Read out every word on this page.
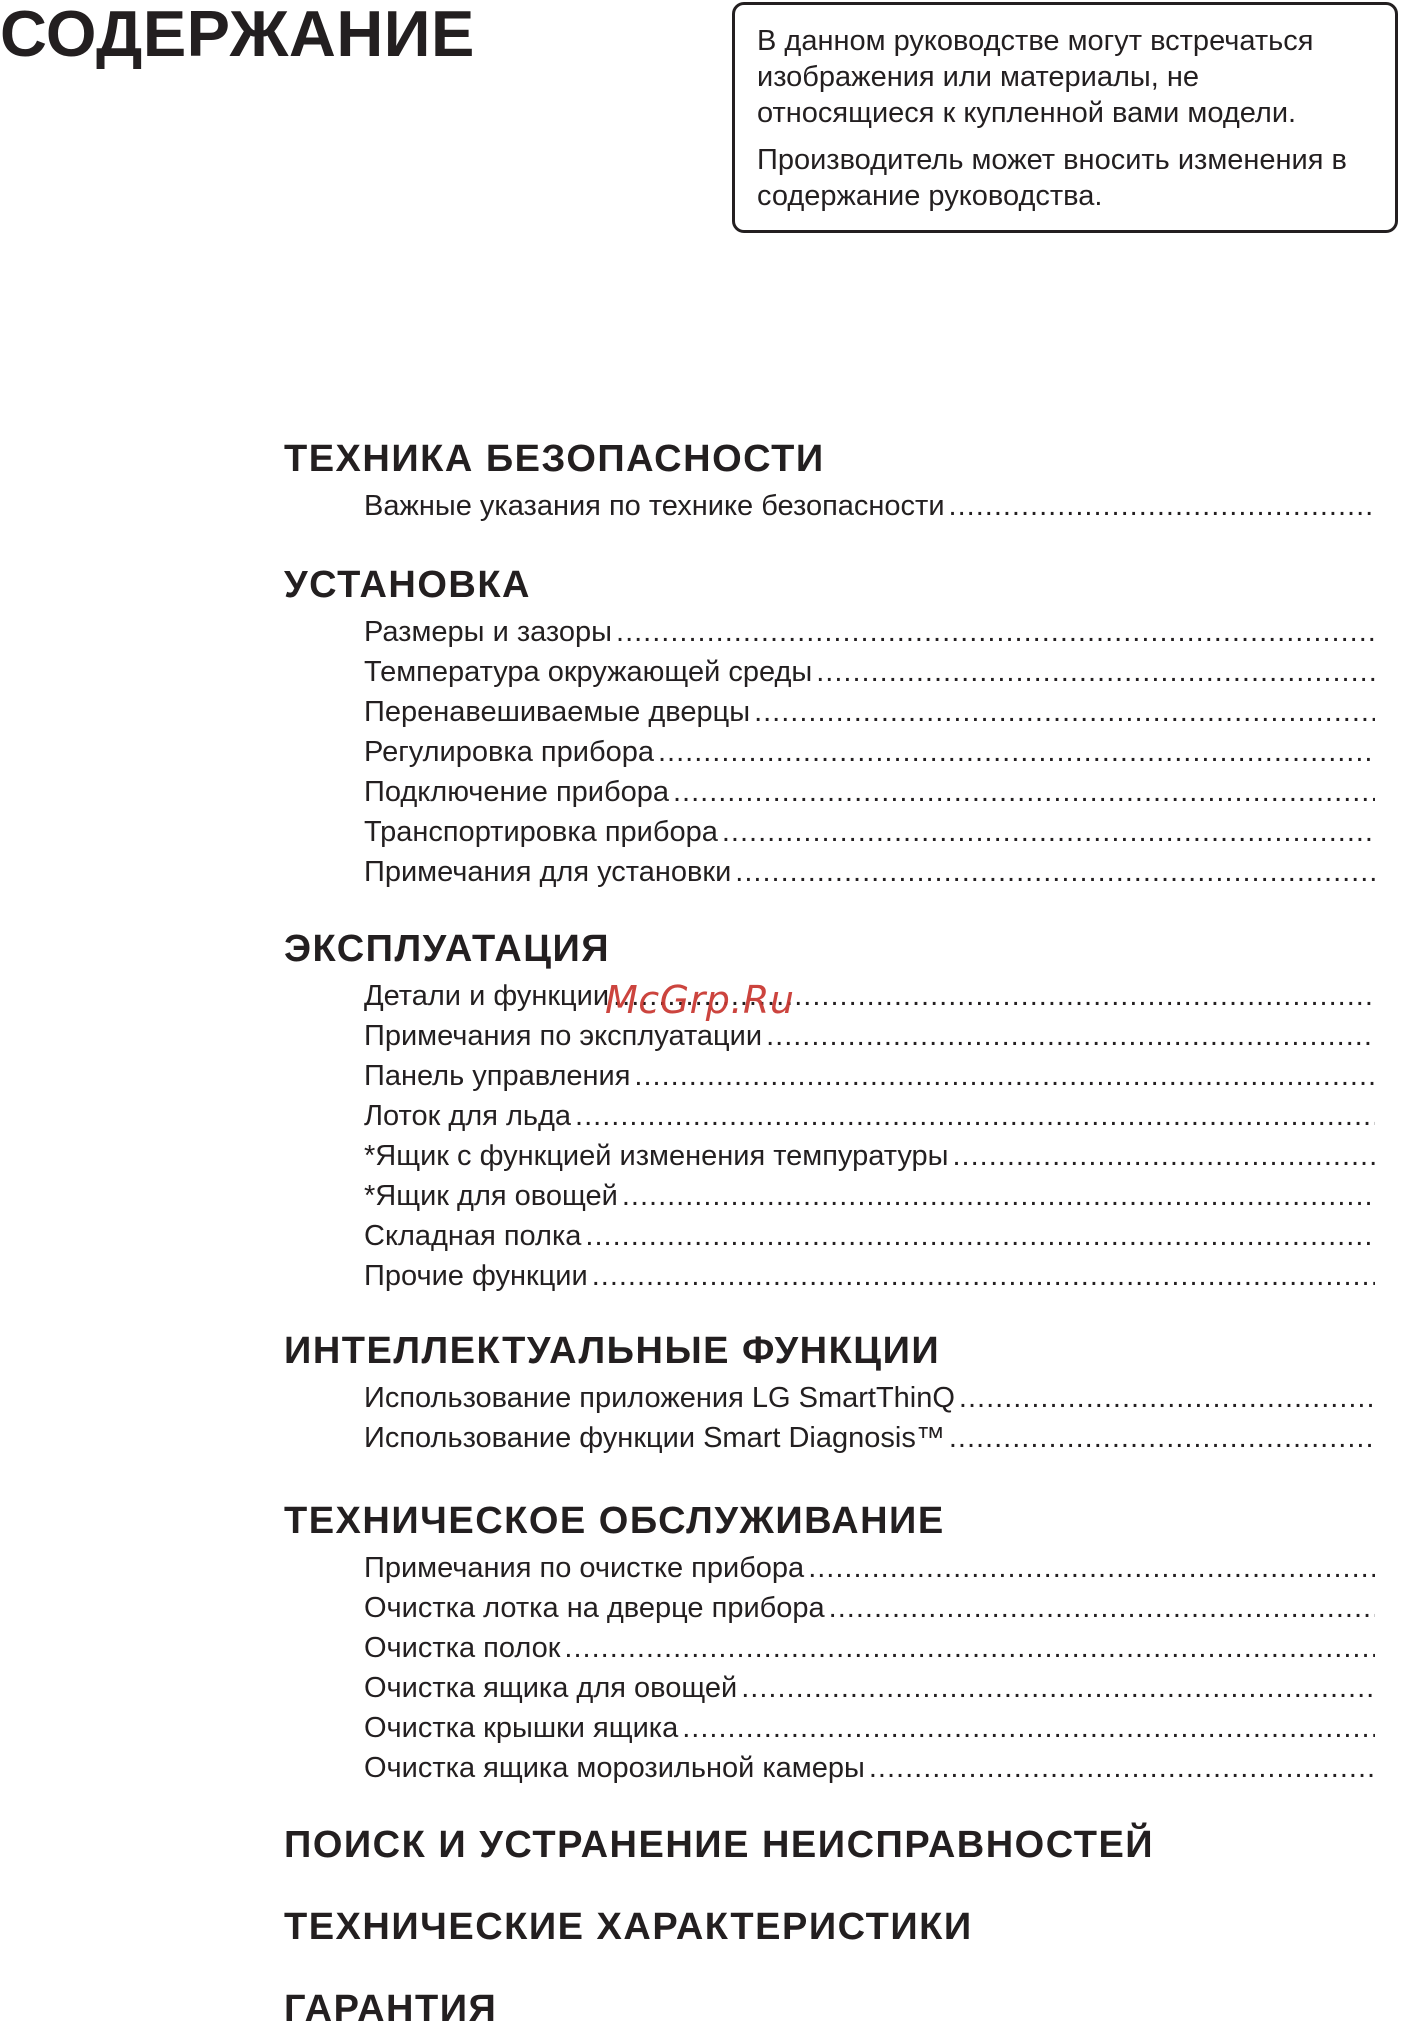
СОДЕРЖАНИЕ	В данном руководстве могут встречаться изображения или материалы, не относящиеся к купленной вами модели.

Производитель может вносить изменения в содержание руководства.

ТЕХНИКА БЕЗОПАСНОСТИ
Важные указания по технике безопасности
.....
УСТАНОВКА
Размеры и зазоры
.....
Температура окружающей среды
.....
Перенавешиваемые дверцы
.....
Регулировка прибора
.....
Подключение прибора
.....
Транспортировка прибора
.....
Примечания для установки
.....
ЭКСПЛУАТАЦИЯ
Детали и функции
.....
Примечания по эксплуатации
.....
Панель управления
.....
Лоток для льда
.....
*Ящик с функцией изменения темпуратуры
.....
*Ящик для овощей
.....
Складная полка
.....
Прочие функции
.....
ИНТЕЛЛЕКТУАЛЬНЫЕ ФУНКЦИИ
Использование приложения LG SmartThinQ
.....
Использование функции Smart Diagnosis™
.....
ТЕХНИЧЕСКОЕ ОБСЛУЖИВАНИЕ
Примечания по очистке прибора
.....
Очистка лотка на дверце прибора
.....
Очистка полок
.....
Очистка ящика для овощей
.....
Очистка крышки ящика
.....
Очистка ящика морозильной камеры
.....
ПОИСК И УСТРАНЕНИЕ НЕИСПРАВНОСТЕЙ
ТЕХНИЧЕСКИЕ ХАРАКТЕРИСТИКИ
ГАРАНТИЯ
McGrp.Ru
